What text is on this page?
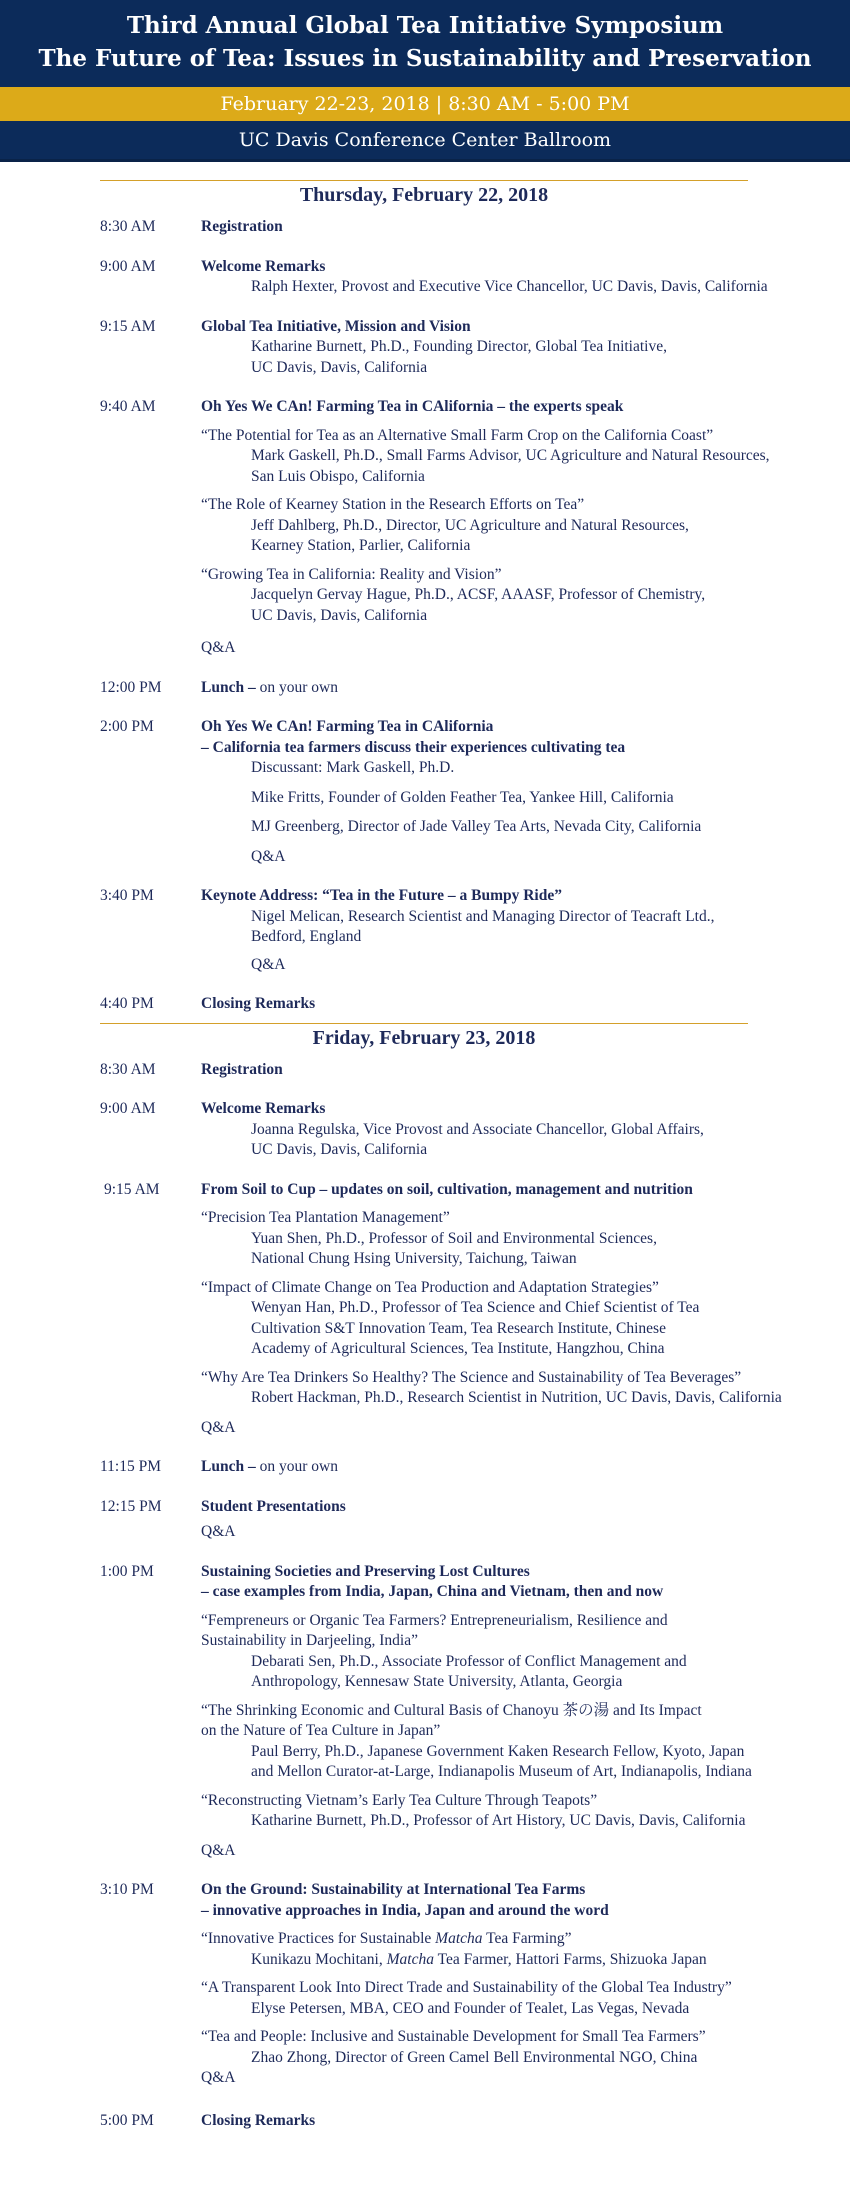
Third Annual Global Tea Initiative Symposium
The Future of Tea: Issues in Sustainability and Preservation
February 22-23, 2018 | 8:30 AM - 5:00 PM
UC Davis Conference Center Ballroom
Thursday, February 22, 2018
8:30 AM	Registration
9:00 AM	Welcome Remarks
Ralph Hexter, Provost and Executive Vice Chancellor, UC Davis, Davis, California
9:15 AM	Global Tea Initiative, Mission and Vision
Katharine Burnett, Ph.D., Founding Director, Global Tea Initiative,
UC Davis, Davis, California
9:40 AM	Oh Yes We CAn! Farming Tea in CAlifornia – the experts speak
“The Potential for Tea as an Alternative Small Farm Crop on the California Coast”
Mark Gaskell, Ph.D., Small Farms Advisor, UC Agriculture and Natural Resources,
San Luis Obispo, California
“The Role of Kearney Station in the Research Efforts on Tea”
Jeff Dahlberg, Ph.D., Director, UC Agriculture and Natural Resources,
Kearney Station, Parlier, California
“Growing Tea in California: Reality and Vision”
Jacquelyn Gervay Hague, Ph.D., ACSF, AAASF, Professor of Chemistry,
UC Davis, Davis, California
Q&A
12:00 PM	Lunch – on your own
2:00 PM	Oh Yes We CAn! Farming Tea in CAlifornia
– California tea farmers discuss their experiences cultivating tea
Discussant: Mark Gaskell, Ph.D.
Mike Fritts, Founder of Golden Feather Tea, Yankee Hill, California
MJ Greenberg, Director of Jade Valley Tea Arts, Nevada City, California
Q&A
3:40 PM	Keynote Address: “Tea in the Future – a Bumpy Ride”
Nigel Melican, Research Scientist and Managing Director of Teacraft Ltd.,
Bedford, England
Q&A
4:40 PM	Closing Remarks
Friday, February 23, 2018
8:30 AM	Registration
9:00 AM	Welcome Remarks
Joanna Regulska, Vice Provost and Associate Chancellor, Global Affairs,
UC Davis, Davis, California
9:15 AM	From Soil to Cup – updates on soil, cultivation, management and nutrition
“Precision Tea Plantation Management”
Yuan Shen, Ph.D., Professor of Soil and Environmental Sciences,
National Chung Hsing University, Taichung, Taiwan
“Impact of Climate Change on Tea Production and Adaptation Strategies”
Wenyan Han, Ph.D., Professor of Tea Science and Chief Scientist of Tea
Cultivation S&T Innovation Team, Tea Research Institute, Chinese
Academy of Agricultural Sciences, Tea Institute, Hangzhou, China
“Why Are Tea Drinkers So Healthy? The Science and Sustainability of Tea Beverages”
Robert Hackman, Ph.D., Research Scientist in Nutrition, UC Davis, Davis, California
Q&A
11:15 PM	Lunch – on your own
12:15 PM	Student Presentations
Q&A
1:00 PM	Sustaining Societies and Preserving Lost Cultures
– case examples from India, Japan, China and Vietnam, then and now
“Fempreneurs or Organic Tea Farmers? Entrepreneurialism, Resilience and
Sustainability in Darjeeling, India”
Debarati Sen, Ph.D., Associate Professor of Conflict Management and
Anthropology, Kennesaw State University, Atlanta, Georgia
“The Shrinking Economic and Cultural Basis of Chanoyu 茶の湯 and Its Impact
on the Nature of Tea Culture in Japan”
Paul Berry, Ph.D., Japanese Government Kaken Research Fellow, Kyoto, Japan
and Mellon Curator-at-Large, Indianapolis Museum of Art, Indianapolis, Indiana
“Reconstructing Vietnam’s Early Tea Culture Through Teapots”
Katharine Burnett, Ph.D., Professor of Art History, UC Davis, Davis, California
Q&A
3:10 PM	On the Ground: Sustainability at International Tea Farms
– innovative approaches in India, Japan and around the word
“Innovative Practices for Sustainable Matcha Tea Farming”
Kunikazu Mochitani, Matcha Tea Farmer, Hattori Farms, Shizuoka Japan
“A Transparent Look Into Direct Trade and Sustainability of the Global Tea Industry”
Elyse Petersen, MBA, CEO and Founder of Tealet, Las Vegas, Nevada
“Tea and People: Inclusive and Sustainable Development for Small Tea Farmers”
Zhao Zhong, Director of Green Camel Bell Environmental NGO, China
Q&A
5:00 PM	Closing Remarks
